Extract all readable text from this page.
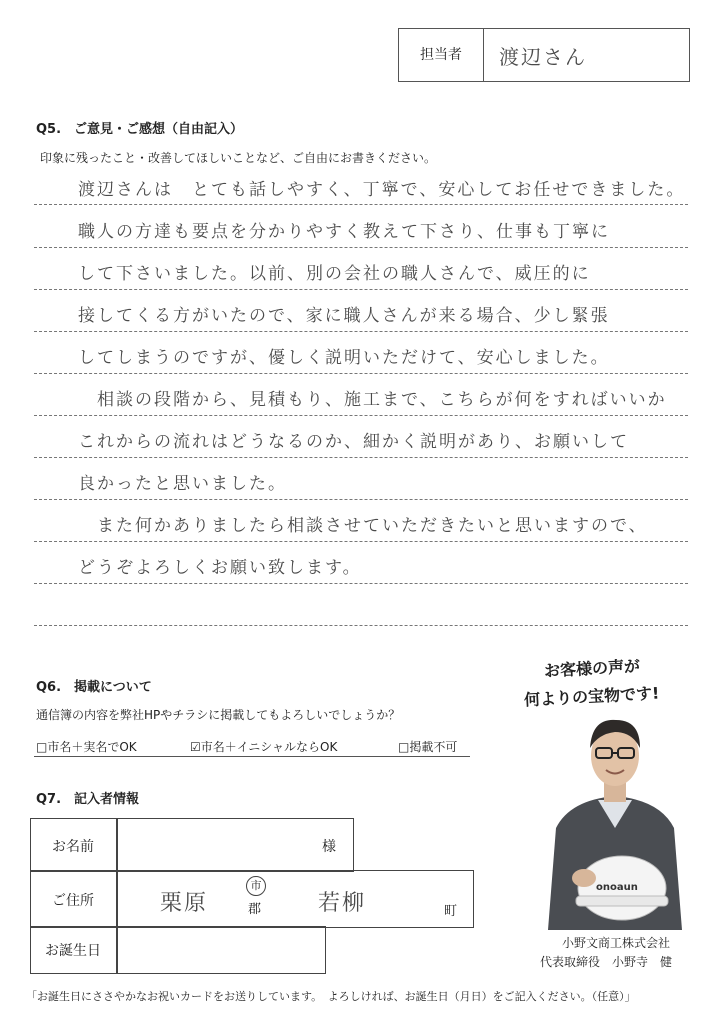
担当者	渡辺さん
Q5.　ご意見・ご感想（自由記入）
印象に残ったこと・改善してほしいことなど、ご自由にお書きください。
渡辺さんは　とても話しやすく、丁寧で、安心してお任せできました。
職人の方達も要点を分かりやすく教えて下さり、仕事も丁寧に
して下さいました。以前、別の会社の職人さんで、威圧的に
接してくる方がいたので、家に職人さんが来る場合、少し緊張
してしまうのですが、優しく説明いただけて、安心しました。
　相談の段階から、見積もり、施工まで、こちらが何をすればいいか
これからの流れはどうなるのか、細かく説明があり、お願いして
良かったと思いました。
　また何かありましたら相談させていただきたいと思いますので、
どうぞよろしくお願い致します。
Q6.　掲載について
通信簿の内容を弊社HPやチラシに掲載してもよろしいでしょうか？
□市名＋実名でOK	☑市名＋イニシャルならOK	□掲載不可
Q7.　記入者情報
お名前	様
ご住所	栗原
市
郡	若柳	町
お誕生日
お客様の声が
何よりの宝物です!
onoaun
小野文商工株式会社
代表取締役　小野寺　健
「お誕生日にささやかなお祝いカードをお送りしています。　よろしければ、お誕生日（月日）をご記入ください。（任意）」
